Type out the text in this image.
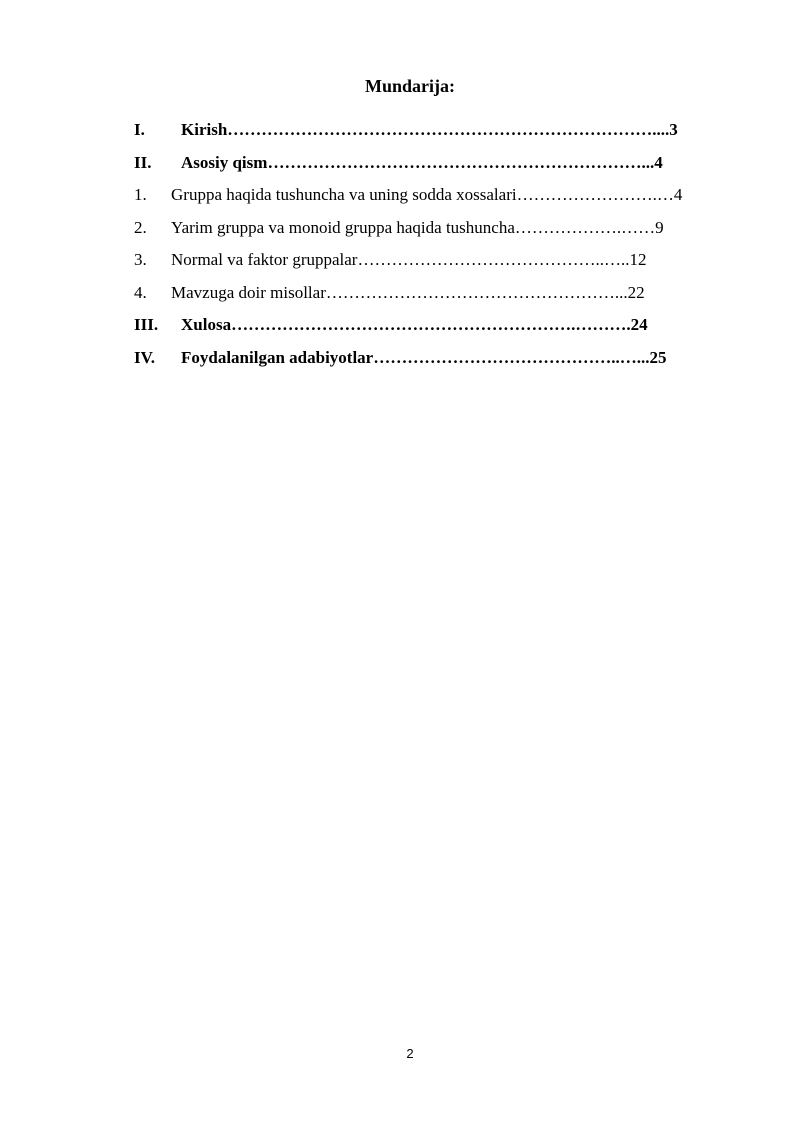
Mundarija:
I. Kirish…………………………………………………………………....3
II. Asosiy qism…………………………………………………………...4
1. Gruppa haqida tushuncha va uning sodda xossalari…………………….…4
2. Yarim gruppa va monoid gruppa haqida tushuncha……………….……9
3. Normal va faktor gruppalar……………………………………..…..12
4. Mavzuga doir misollar……………………………………………...22
III. Xulosa…………………………………………………….……….24
IV. Foydalanilgan adabiyotlar……………………………………..…...25
2
